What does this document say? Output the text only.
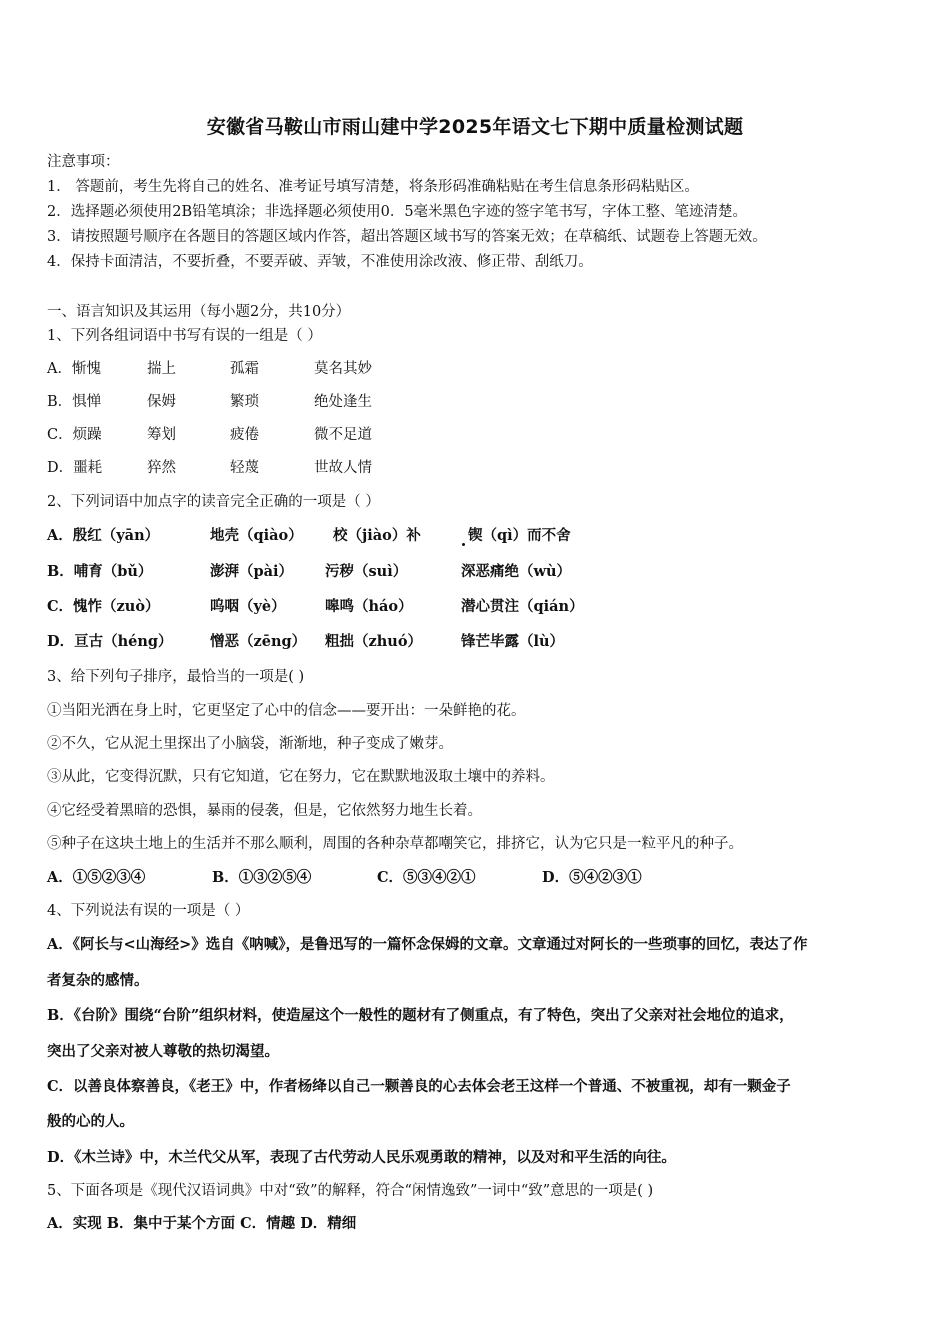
安徽省马鞍山市雨山建中学2025年语文七下期中质量检测试题
注意事项：
1． 答题前，考生先将自己的姓名、准考证号填写清楚，将条形码准确粘贴在考生信息条形码粘贴区。
2．选择题必须使用2B铅笔填涂；非选择题必须使用0．5毫米黑色字迹的签字笔书写，字体工整、笔迹清楚。
3．请按照题号顺序在各题目的答题区域内作答，超出答题区域书写的答案无效；在草稿纸、试题卷上答题无效。
4．保持卡面清洁，不要折叠，不要弄破、弄皱，不准使用涂改液、修正带、刮纸刀。
一、语言知识及其运用（每小题2分，共10分）
1、下列各组词语中书写有误的一组是（ ）
A．惭愧	揣上	孤霜	莫名其妙
B．惧惮	保姆	繁琐	绝处逢生
C．烦躁	筹划	疲倦	微不足道
D．噩耗	猝然	轻蔑	世故人情
2、下列词语中加点字的读音完全正确的一项是（ ）
A．殷红（yān）	地壳（qiào） 校（jiào）补	锲（qì）而不舍
B．哺育（bǔ）	澎湃（pài） 污秽（suì）	深恶痛绝（wù）
C．愧怍（zuò）	呜咽（yè）	嗥鸣（háo）	潜心贯注（qián）
D．亘古（héng）	憎恶（zēng） 粗拙（zhuó）	锋芒毕露（lù）
3、给下列句子排序，最恰当的一项是( )
①当阳光洒在身上时，它更坚定了心中的信念——要开出：一朵鲜艳的花。
②不久，它从泥土里探出了小脑袋，渐渐地，种子变成了嫩芽。
③从此，它变得沉默，只有它知道，它在努力，它在默默地汲取土壤中的养料。
④它经受着黑暗的恐惧，暴雨的侵袭，但是，它依然努力地生长着。
⑤种子在这块土地上的生活并不那么顺利，周围的各种杂草都嘲笑它，排挤它，认为它只是一粒平凡的种子。
A．①⑤②③④	B．①③②⑤④	C．⑤③④②①	D．⑤④②③①
4、下列说法有误的一项是（ ）
A．《阿长与<山海经>》选自《呐喊》，是鲁迅写的一篇怀念保姆的文章。文章通过对阿长的一些琐事的回忆，表达了作
者复杂的感情。
B．《台阶》围绕“台阶”组织材料，使造屋这个一般性的题材有了侧重点，有了特色，突出了父亲对社会地位的追求，
突出了父亲对被人尊敬的热切渴望。
C．以善良体察善良，《老王》中，作者杨绛以自己一颗善良的心去体会老王这样一个普通、不被重视，却有一颗金子
般的心的人。
D．《木兰诗》中，木兰代父从军，表现了古代劳动人民乐观勇敢的精神，以及对和平生活的向往。
5、下面各项是《现代汉语词典》中对“致”的解释，符合“闲情逸致”一词中“致”意思的一项是( )
A．实现 B．集中于某个方面 C．情趣 D．精细
